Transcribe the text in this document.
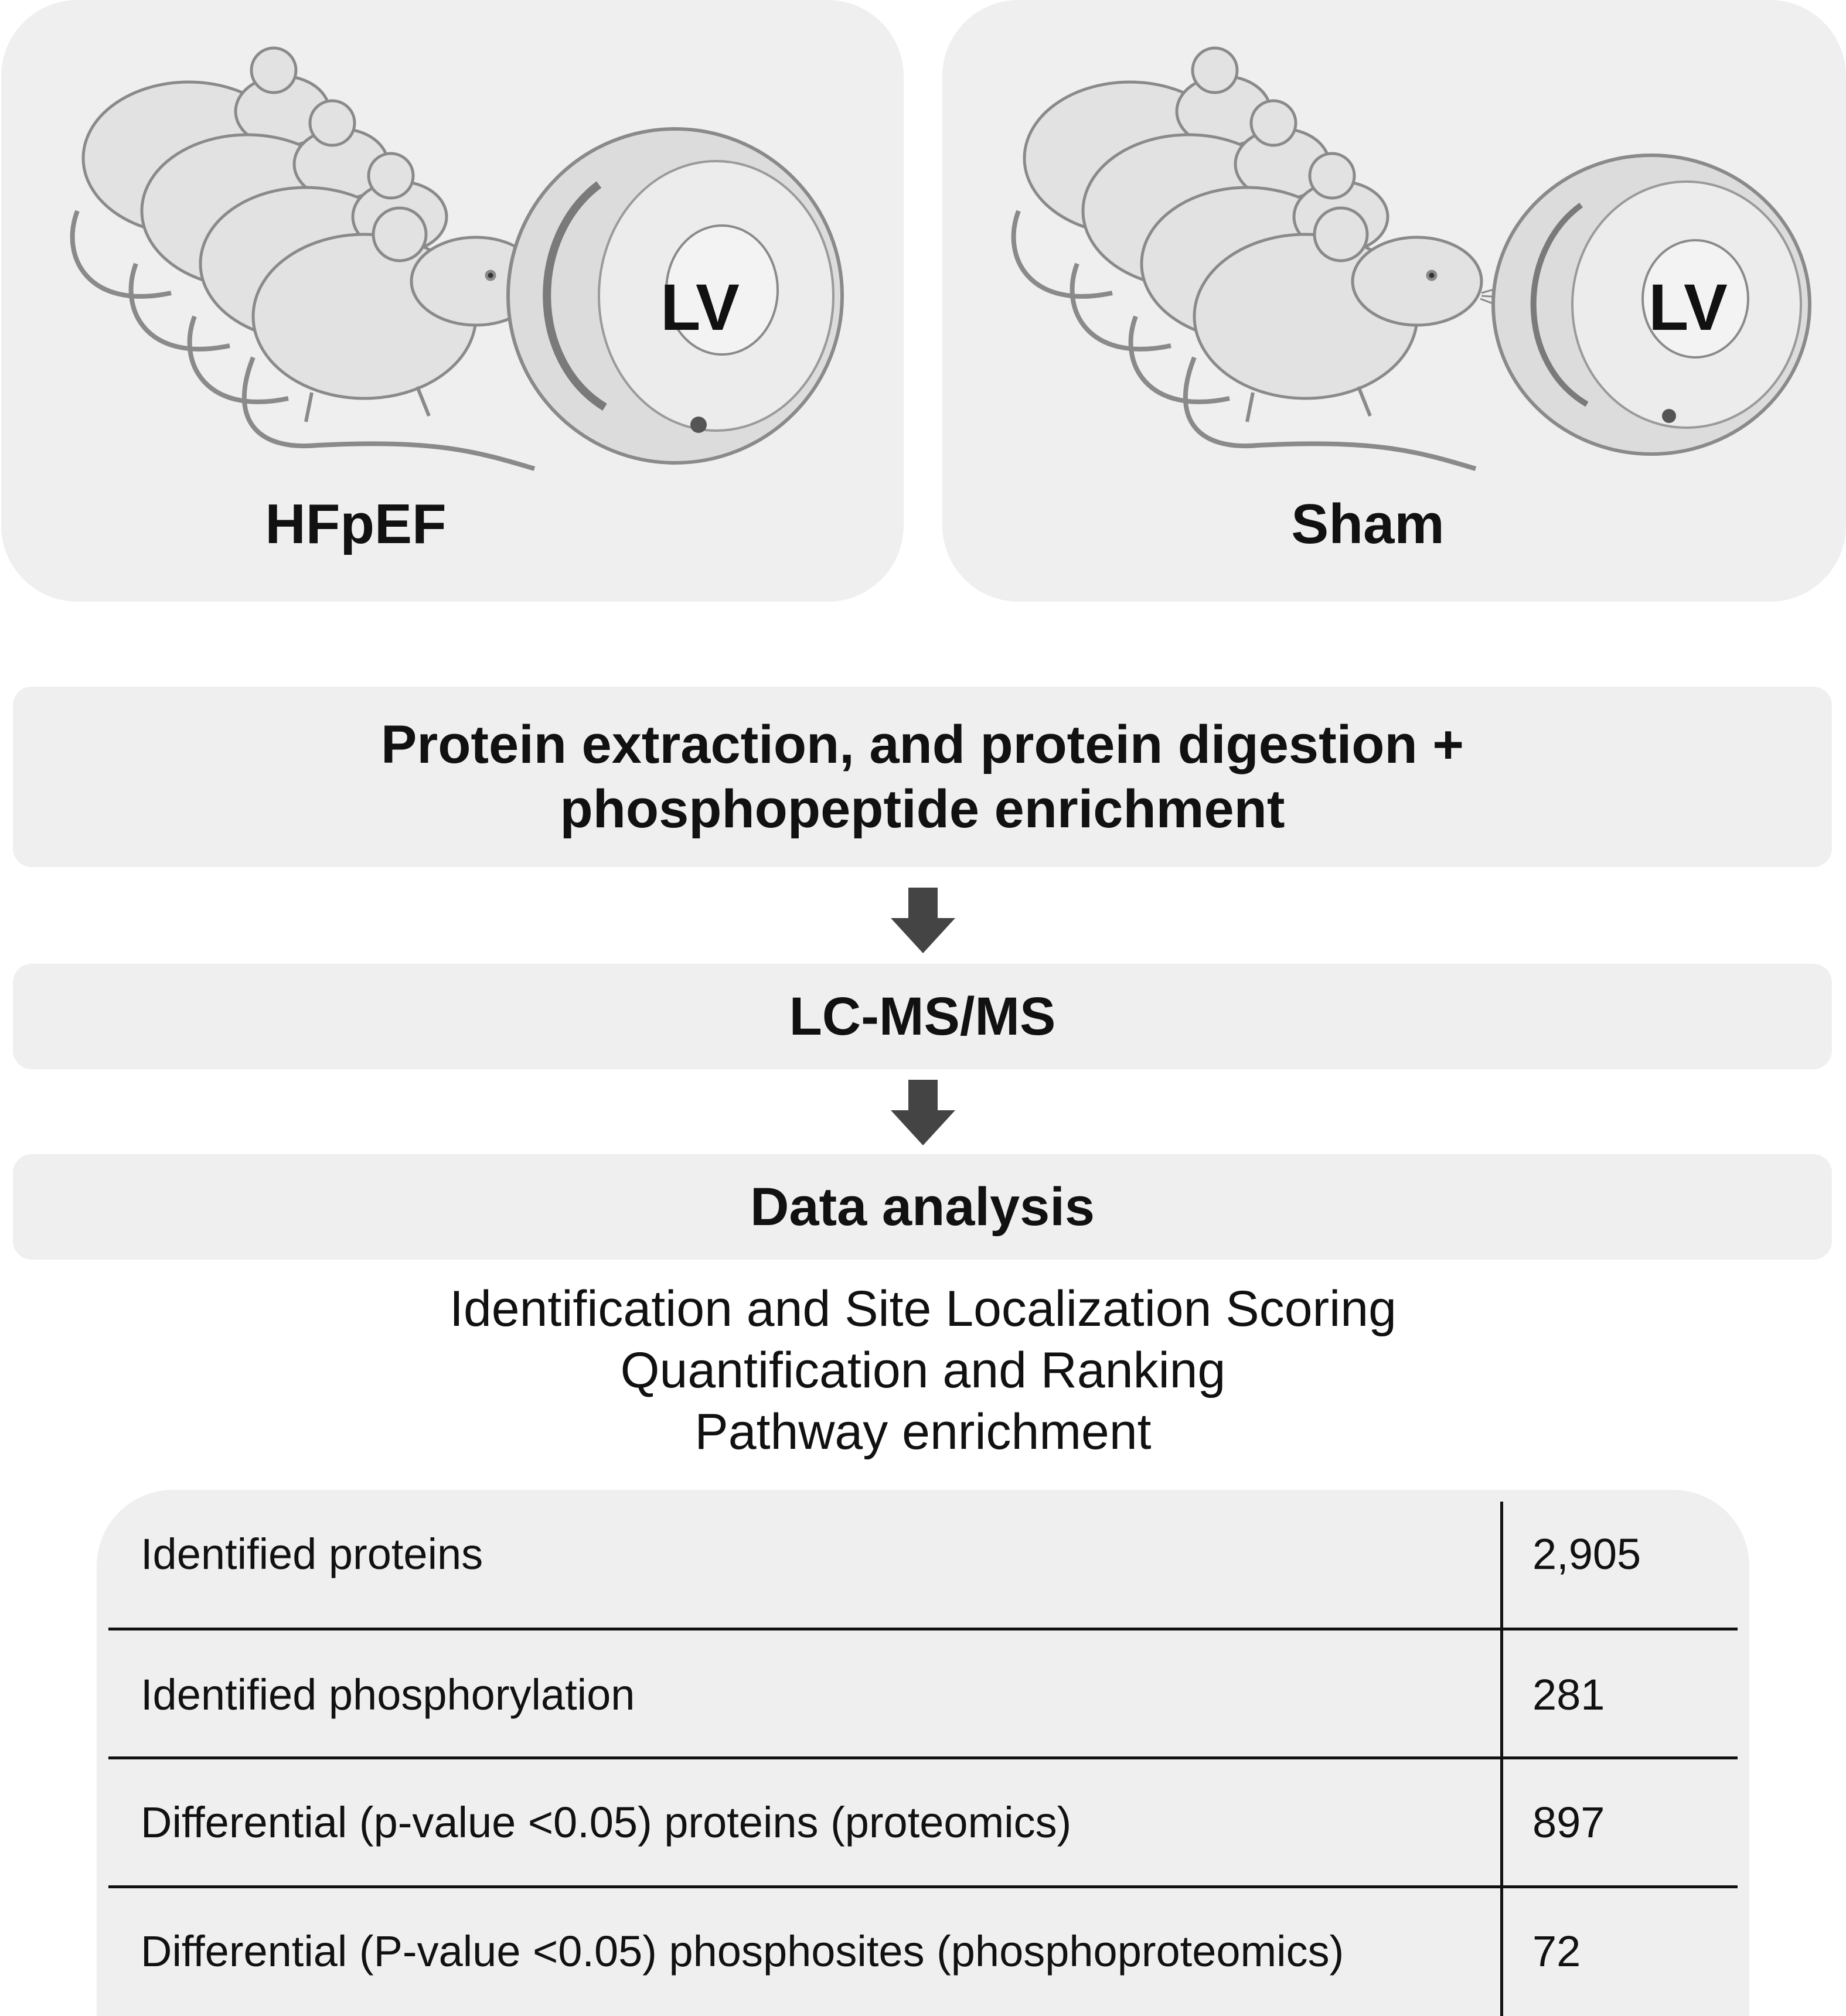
LV
HFpEF
LV
Sham
Protein extraction, and protein digestion +
phosphopeptide enrichment
LC-MS/MS
Data analysis
Identification and Site Localization Scoring
Quantification and Ranking
Pathway enrichment
Identified proteins	2,905
Identified phosphorylation	281
Differential (p-value <0.05) proteins (proteomics)	897
Differential (P-value <0.05) phosphosites (phosphoproteomics)	72
